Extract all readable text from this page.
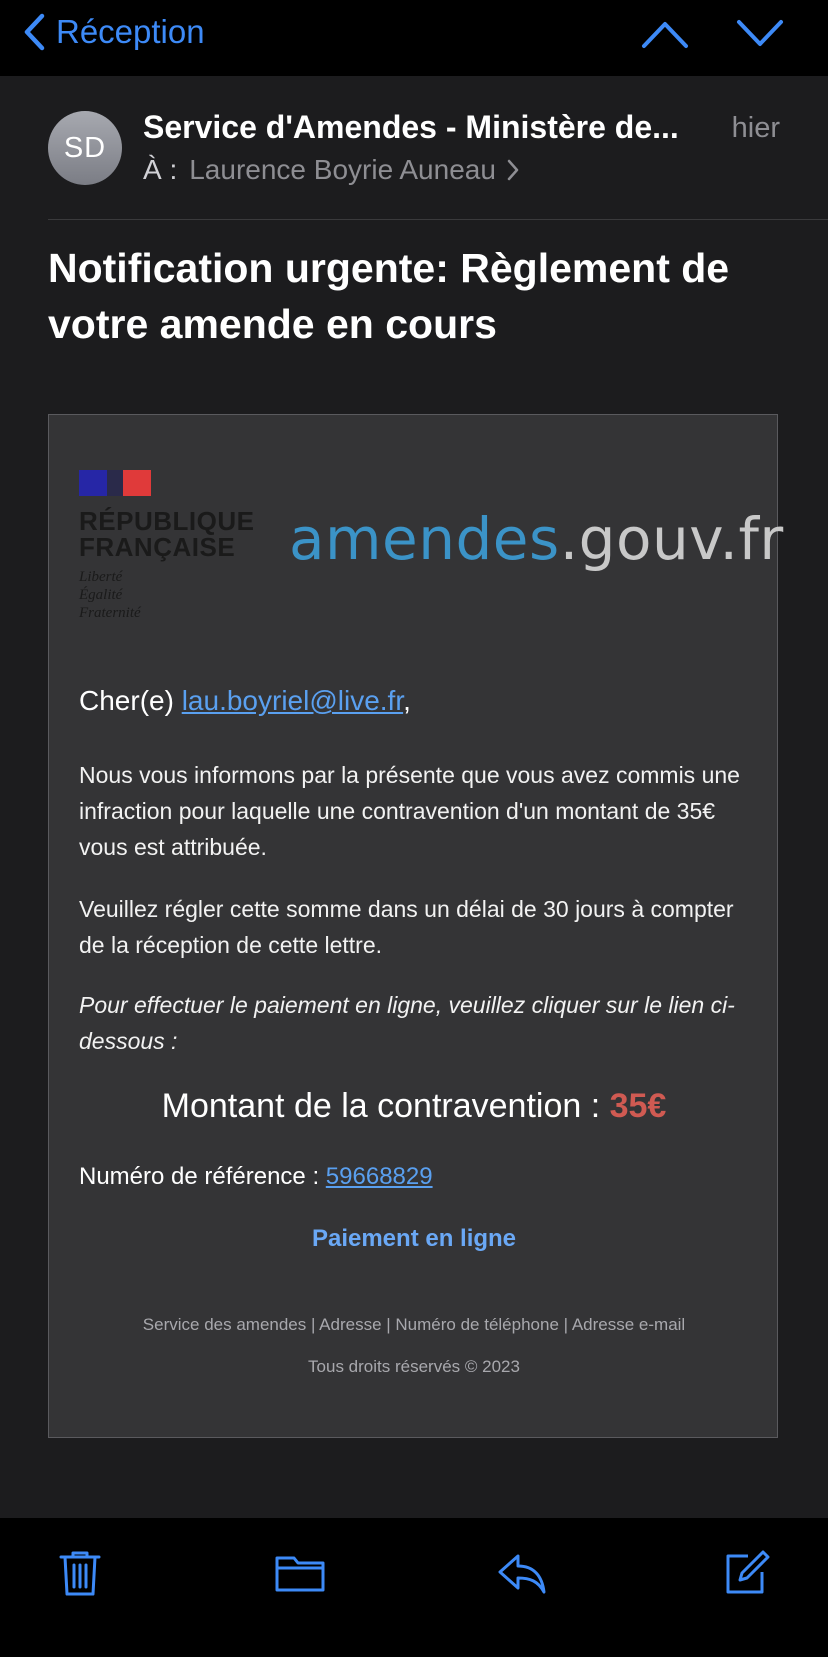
Réception
SD
Service d'Amendes - Ministère de...	hier
À : Laurence Boyrie Auneau
Notification urgente: Règlement de votre amende en cours
RÉPUBLIQUE
FRANÇAISE
Liberté
Égalité
Fraternité
amendes.gouv.fr
Cher(e) lau.boyriel@live.fr,
Nous vous informons par la présente que vous avez commis une infraction pour laquelle une contravention d'un montant de 35€ vous est attribuée.
Veuillez régler cette somme dans un délai de 30 jours à compter de la réception de cette lettre.
Pour effectuer le paiement en ligne, veuillez cliquer sur le lien ci-dessous :
Montant de la contravention : 35€
Numéro de référence : 59668829
Paiement en ligne
Service des amendes | Adresse | Numéro de téléphone | Adresse e-mail
Tous droits réservés © 2023
